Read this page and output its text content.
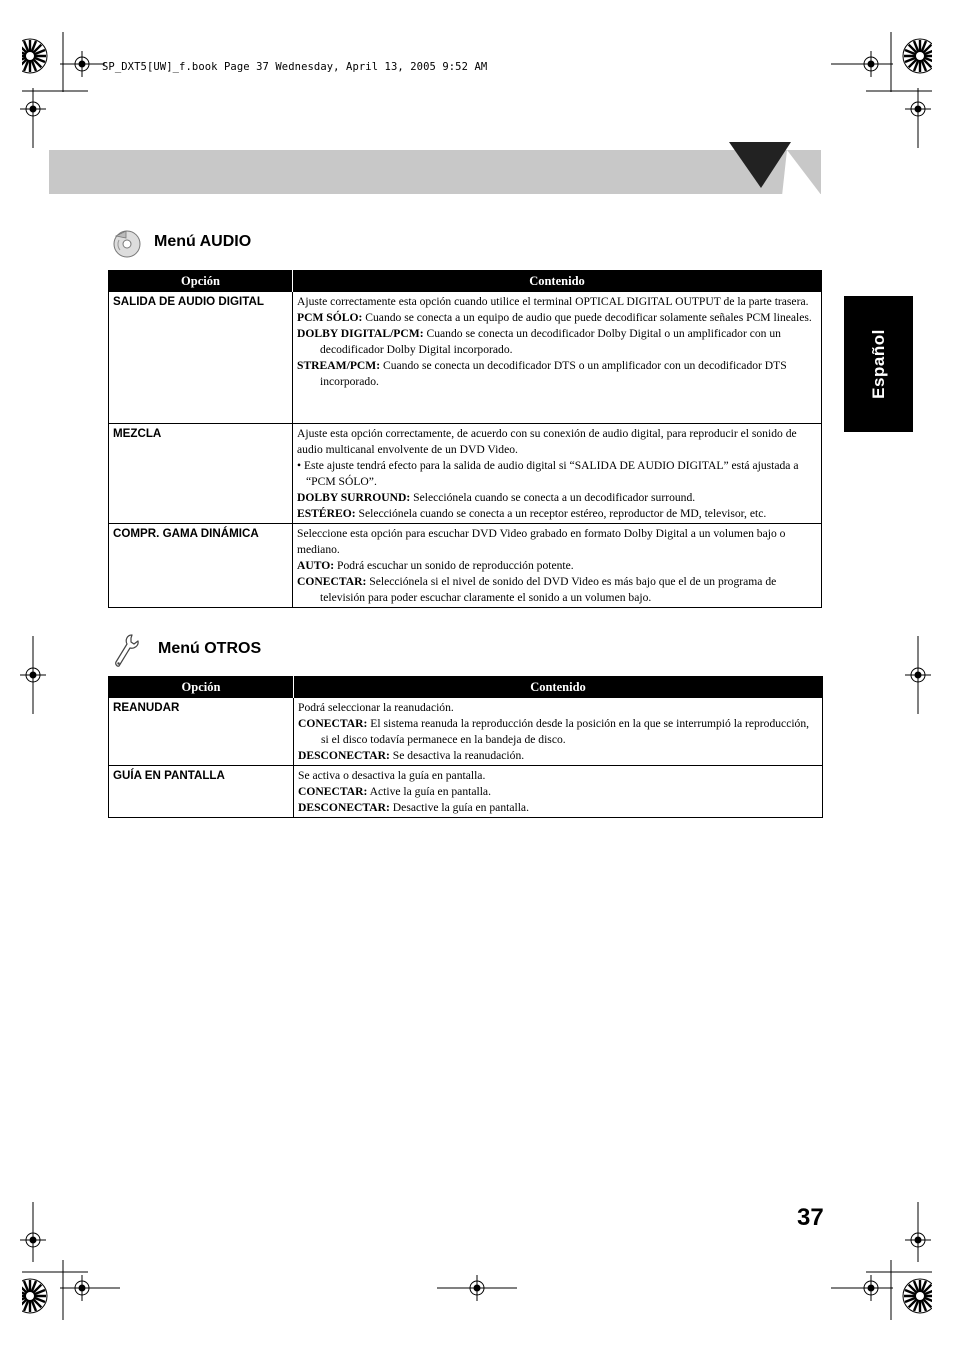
SP_DXT5[UW]_f.book Page 37 Wednesday, April 13, 2005 9:52 AM
Español
Menú AUDIO
Opción	Contenido
SALIDA DE AUDIO DIGITAL	Ajuste correctamente esta opción cuando utilice el terminal OPTICAL DIGITAL OUTPUT de la parte trasera.

PCM SÓLO: Cuando se conecta a un equipo de audio que puede decodificar solamente señales PCM lineales.

DOLBY DIGITAL/PCM: Cuando se conecta un decodificador Dolby Digital o un amplificador con un decodificador Dolby Digital incorporado.

STREAM/PCM: Cuando se conecta un decodificador DTS o un amplificador con un decodificador DTS incorporado.

MEZCLA	Ajuste esta opción correctamente, de acuerdo con su conexión de audio digital, para reproducir el sonido de audio multicanal envolvente de un DVD Video.

• Este ajuste tendrá efecto para la salida de audio digital si “SALIDA DE AUDIO DIGITAL” está ajustada a “PCM SÓLO”.

DOLBY SURROUND: Selecciónela cuando se conecta a un decodificador surround.

ESTÉREO: Selecciónela cuando se conecta a un receptor estéreo, reproductor de MD, televisor, etc.

COMPR. GAMA DINÁMICA	Seleccione esta opción para escuchar DVD Video grabado en formato Dolby Digital a un volumen bajo o mediano.

AUTO: Podrá escuchar un sonido de reproducción potente.

CONECTAR: Selecciónela si el nivel de sonido del DVD Video es más bajo que el de un programa de televisión para poder escuchar claramente el sonido a un volumen bajo.

Menú OTROS
Opción	Contenido
REANUDAR	Podrá seleccionar la reanudación.

CONECTAR: El sistema reanuda la reproducción desde la posición en la que se interrumpió la reproducción, si el disco todavía permanece en la bandeja de disco.

DESCONECTAR: Se desactiva la reanudación.

GUÍA EN PANTALLA	Se activa o desactiva la guía en pantalla.

CONECTAR: Active la guía en pantalla.

DESCONECTAR: Desactive la guía en pantalla.

37
